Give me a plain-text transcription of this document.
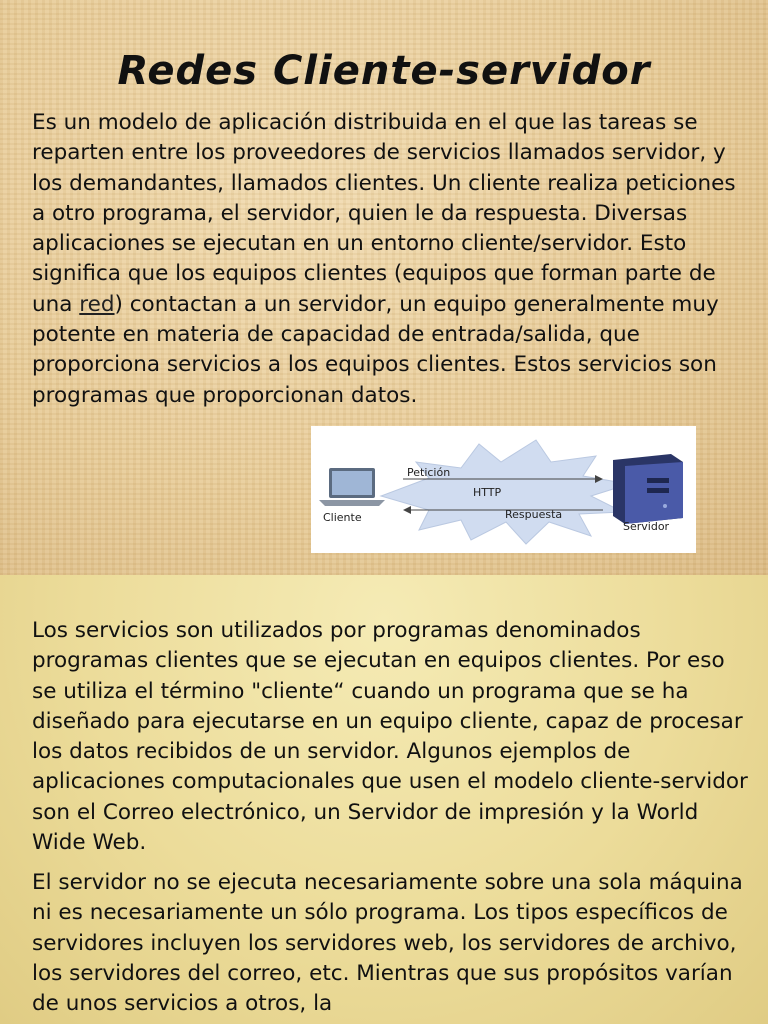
Redes Cliente-servidor

Es un modelo de aplicación distribuida en el que las tareas se reparten entre los proveedores de servicios llamados servidor, y los demandantes, llamados clientes. Un cliente realiza peticiones a otro programa, el servidor, quien le da respuesta. Diversas aplicaciones se ejecutan en un entorno cliente/servidor. Esto significa que los equipos clientes (equipos que forman parte de una red) contactan a un servidor, un equipo generalmente muy potente en materia de capacidad de entrada/salida, que proporciona servicios a los equipos clientes. Estos servicios son programas que proporcionan datos.

Petición
HTTP
Respuesta
Cliente
Servidor

Los servicios son utilizados por programas denominados programas clientes que se ejecutan en equipos clientes. Por eso se utiliza el término "cliente“ cuando un programa que se ha diseñado para ejecutarse en un equipo cliente, capaz de procesar los datos recibidos de un servidor. Algunos ejemplos de aplicaciones computacionales que usen el modelo cliente-servidor son el Correo electrónico, un Servidor de impresión y la World Wide Web.

El servidor no se ejecuta necesariamente sobre una sola máquina ni es necesariamente un sólo programa. Los tipos específicos de servidores incluyen los servidores web, los servidores de archivo, los servidores del correo, etc. Mientras que sus propósitos varían de unos servicios a otros, la
